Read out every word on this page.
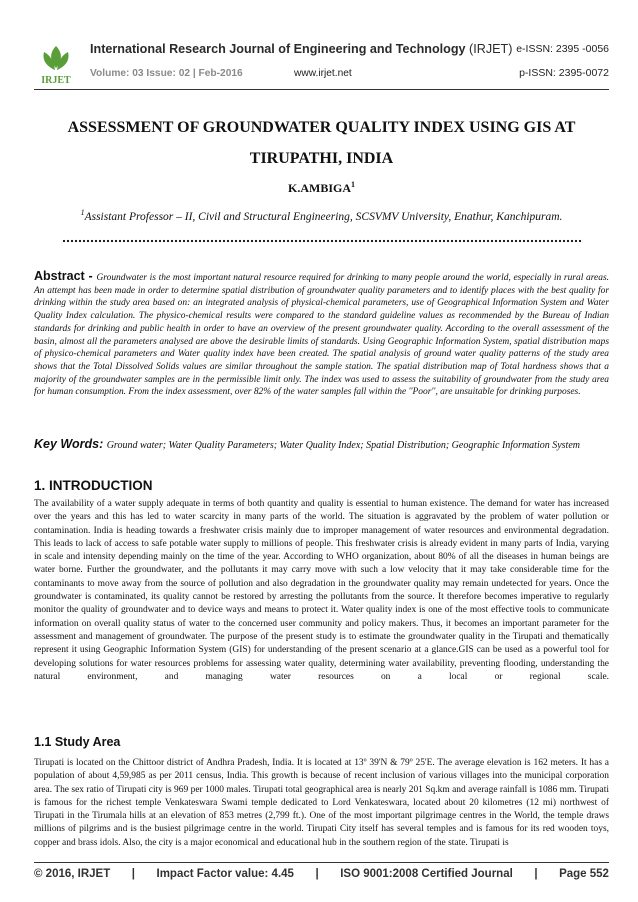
IRJET
International Research Journal of Engineering and Technology (IRJET) e-ISSN: 2395 -0056
Volume: 03 Issue: 02 | Feb-2016	www.irjet.net	p-ISSN: 2395-0072
ASSESSMENT OF GROUNDWATER QUALITY INDEX USING GIS AT
TIRUPATHI, INDIA
K.AMBIGA$^1$
$^1$Assistant Professor – II, Civil and Structural Engineering, SCSVMV University, Enathur, Kanchipuram.
Abstract - Groundwater is the most important natural resource required for drinking to many people around the world, especially in rural areas. An attempt has been made in order to determine spatial distribution of groundwater quality parameters and to identify places with the best quality for drinking within the study area based on: an integrated analysis of physical-chemical parameters, use of Geographical Information System and Water Quality Index calculation. The physico-chemical results were compared to the standard guideline values as recommended by the Bureau of Indian standards for drinking and public health in order to have an overview of the present groundwater quality. According to the overall assessment of the basin, almost all the parameters analysed are above the desirable limits of standards. Using Geographic Information System, spatial distribution maps of physico-chemical parameters and Water quality index have been created. The spatial analysis of ground water quality patterns of the study area shows that the Total Dissolved Solids values are similar throughout the sample station. The spatial distribution map of Total hardness shows that a majority of the groundwater samples are in the permissible limit only. The index was used to assess the suitability of groundwater from the study area for human consumption. From the index assessment, over 82% of the water samples fall within the ''Poor'', are unsuitable for drinking purposes.
Key Words: Ground water; Water Quality Parameters; Water Quality Index; Spatial Distribution; Geographic Information System
1. INTRODUCTION
The availability of a water supply adequate in terms of both quantity and quality is essential to human existence. The demand for water has increased over the years and this has led to water scarcity in many parts of the world. The situation is aggravated by the problem of water pollution or contamination. India is heading towards a freshwater crisis mainly due to improper management of water resources and environmental degradation. This leads to lack of access to safe potable water supply to millions of people. This freshwater crisis is already evident in many parts of India, varying in scale and intensity depending mainly on the time of the year. According to WHO organization, about 80% of all the diseases in human beings are water borne. Further the groundwater, and the pollutants it may carry move with such a low velocity that it may take considerable time for the contaminants to move away from the source of pollution and also degradation in the groundwater quality may remain undetected for years. Once the groundwater is contaminated, its quality cannot be restored by arresting the pollutants from the source. It therefore becomes imperative to regularly monitor the quality of groundwater and to device ways and means to protect it. Water quality index is one of the most effective tools to communicate information on overall quality status of water to the concerned user community and policy makers. Thus, it becomes an important parameter for the assessment and management of groundwater. The purpose of the present study is to estimate the groundwater quality in the Tirupati and thematically represent it using Geographic Information System (GIS) for understanding of the present scenario at a glance.GIS can be used as a powerful tool for developing solutions for water resources problems for assessing water quality, determining water availability, preventing flooding, understanding the natural environment, and managing water resources on a local or regional scale.
1.1 Study Area
Tirupati is located on the Chittoor district of Andhra Pradesh, India. It is located at 13º 39'N & 79º 25'E. The average elevation is 162 meters. It has a population of about 4,59,985 as per 2011 census, India. This growth is because of recent inclusion of various villages into the municipal corporation area. The sex ratio of Tirupati city is 969 per 1000 males. Tirupati total geographical area is nearly 201 Sq.km and average rainfall is 1086 mm. Tirupati is famous for the richest temple Venkateswara Swami temple dedicated to Lord Venkateswara, located about 20 kilometres (12 mi) northwest of Tirupati in the Tirumala hills at an elevation of 853 metres (2,799 ft.). One of the most important pilgrimage centres in the World, the temple draws millions of pilgrims and is the busiest pilgrimage centre in the world. Tirupati City itself has several temples and is famous for its red wooden toys, copper and brass idols. Also, the city is a major economical and educational hub in the southern region of the state. Tirupati is
© 2016, IRJET | Impact Factor value: 4.45 | ISO 9001:2008 Certified Journal | Page 552
